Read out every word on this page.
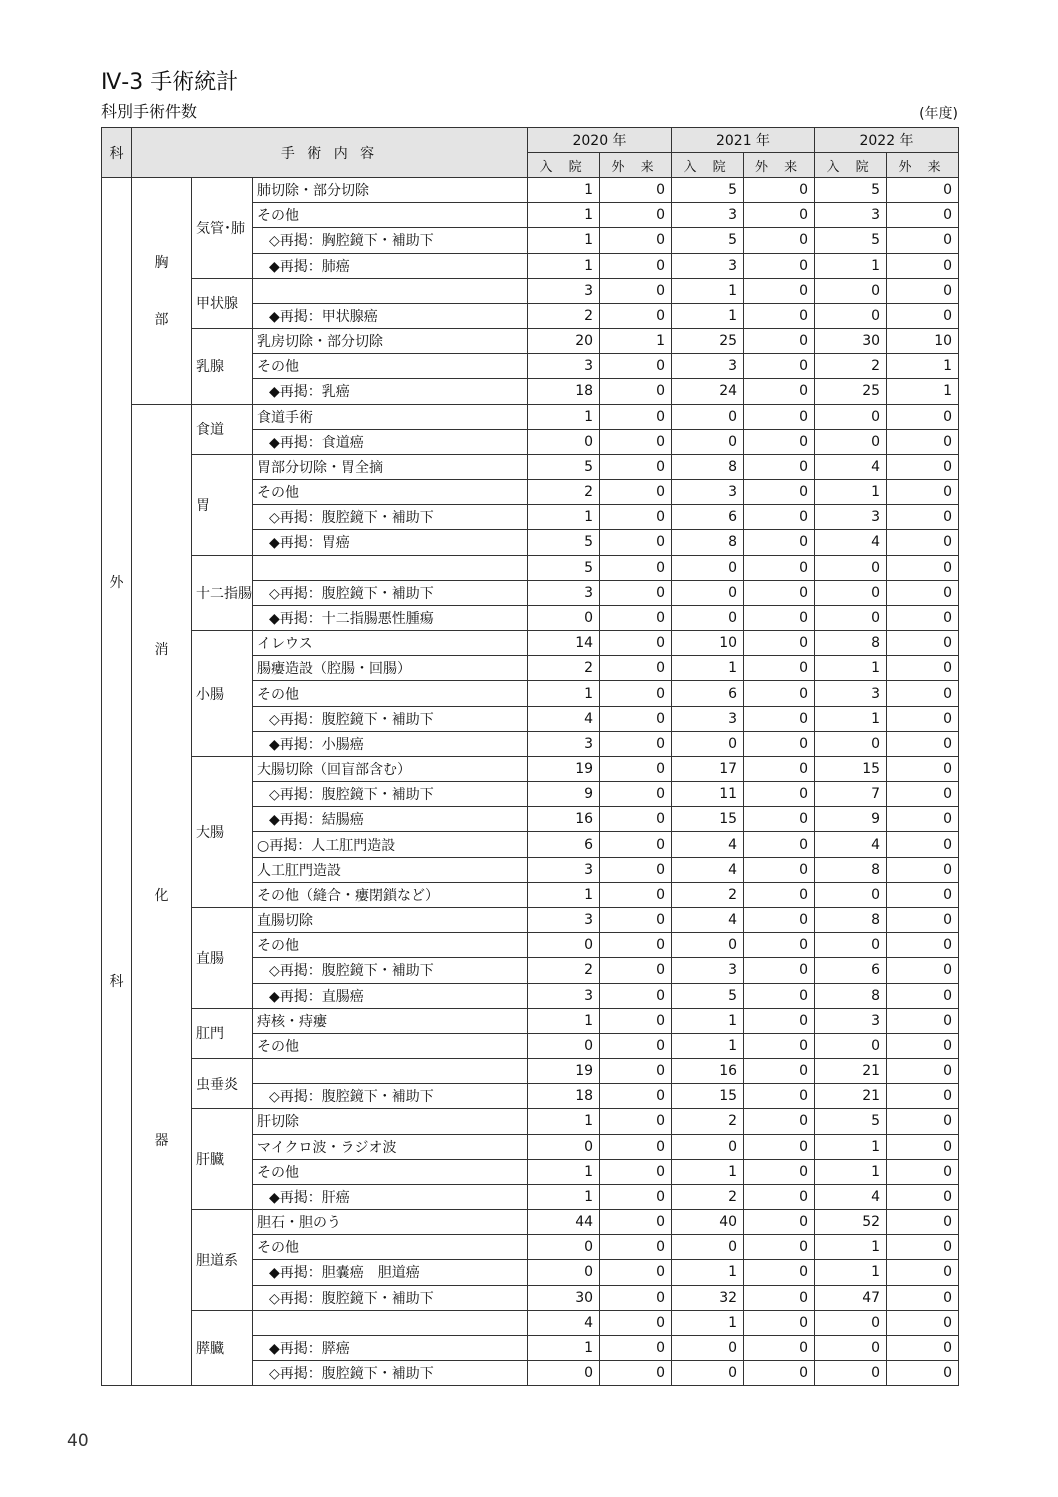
Ⅳ-3 手術統計
科別手術件数	(年度)
科	手 術 内 容			2020 年		2021 年		2022 年	
				入 院	外 来	入 院	外 来	入 院	外 来

外
科	胸
部	気管･肺	肺切除・部分切除	1	0	5	0	5	0
			その他	1	0	3	0	3	0
			◇再掲：胸腔鏡下・補助下	1	0	5	0	5	0
			◆再掲：肺癌	1	0	3	0	1	0
		甲状腺		3	0	1	0	0	0
			◆再掲：甲状腺癌	2	0	1	0	0	0
		乳腺	乳房切除・部分切除	20	1	25	0	30	10
			その他	3	0	3	0	2	1
			◆再掲：乳癌	18	0	24	0	25	1

	消
化
器	食道	食道手術	1	0	0	0	0	0
			◆再掲：食道癌	0	0	0	0	0	0
		胃	胃部分切除・胃全摘	5	0	8	0	4	0
			その他	2	0	3	0	1	0
			◇再掲：腹腔鏡下・補助下	1	0	6	0	3	0
			◆再掲：胃癌	5	0	8	0	4	0
		十二指腸		5	0	0	0	0	0
			◇再掲：腹腔鏡下・補助下	3	0	0	0	0	0
			◆再掲：十二指腸悪性腫瘍	0	0	0	0	0	0
		小腸	イレウス	14	0	10	0	8	0
			腸瘻造設（腔腸・回腸）	2	0	1	0	1	0
			その他	1	0	6	0	3	0
			◇再掲：腹腔鏡下・補助下	4	0	3	0	1	0
			◆再掲：小腸癌	3	0	0	0	0	0
		大腸	大腸切除（回盲部含む）	19	0	17	0	15	0
			◇再掲：腹腔鏡下・補助下	9	0	11	0	7	0
			◆再掲：結腸癌	16	0	15	0	9	0
			○再掲：人工肛門造設	6	0	4	0	4	0
			人工肛門造設	3	0	4	0	8	0
			その他（縫合・瘻閉鎖など）	1	0	2	0	0	0
		直腸	直腸切除	3	0	4	0	8	0
			その他	0	0	0	0	0	0
			◇再掲：腹腔鏡下・補助下	2	0	3	0	6	0
			◆再掲：直腸癌	3	0	5	0	8	0
		肛門	痔核・痔瘻	1	0	1	0	3	0
			その他	0	0	1	0	0	0
		虫垂炎		19	0	16	0	21	0
			◇再掲：腹腔鏡下・補助下	18	0	15	0	21	0
		肝臓	肝切除	1	0	2	0	5	0
			マイクロ波・ラジオ波	0	0	0	0	1	0
			その他	1	0	1	0	1	0
			◆再掲：肝癌	1	0	2	0	4	0
		胆道系	胆石・胆のう	44	0	40	0	52	0
			その他	0	0	0	0	1	0
			◆再掲：胆嚢癌　胆道癌	0	0	1	0	1	0
			◇再掲：腹腔鏡下・補助下	30	0	32	0	47	0
		膵臓		4	0	1	0	0	0
			◆再掲：膵癌	1	0	0	0	0	0
			◇再掲：腹腔鏡下・補助下	0	0	0	0	0	0
40
